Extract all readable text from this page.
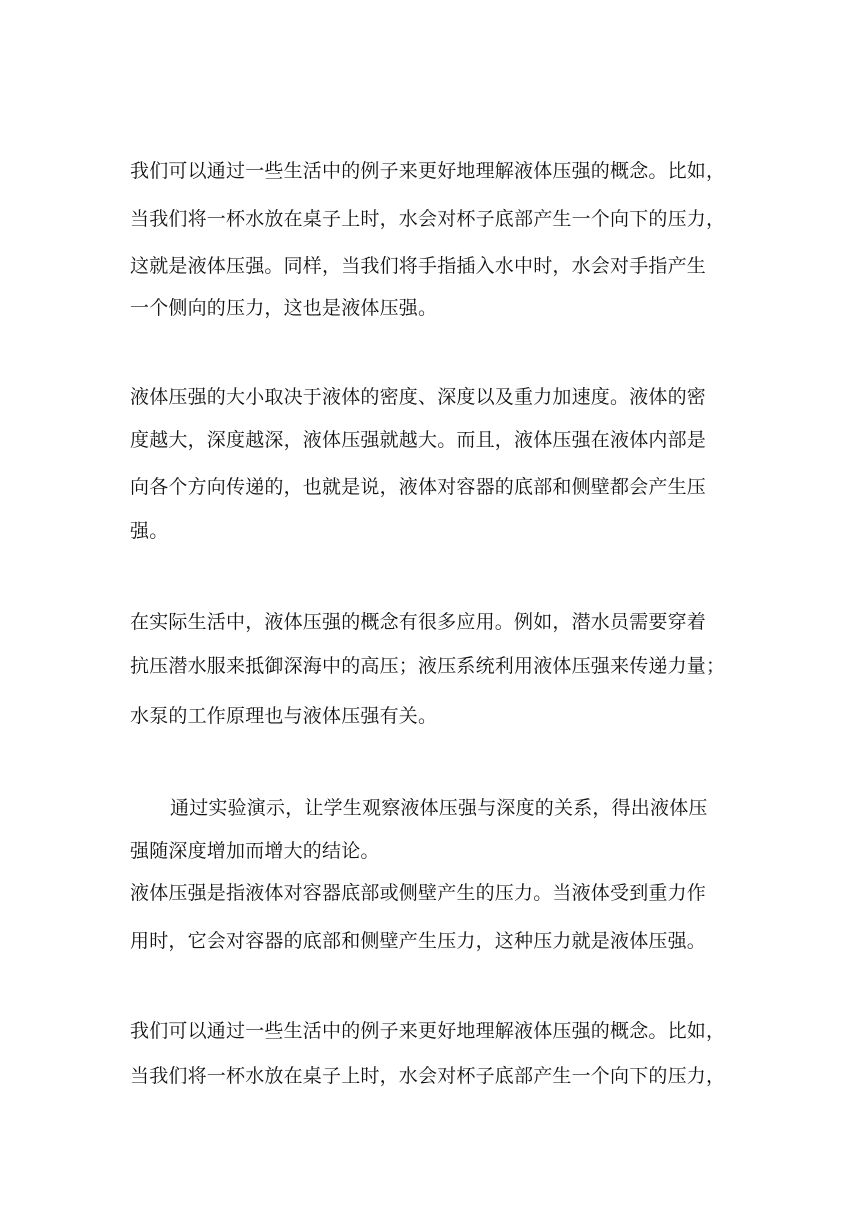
我们可以通过一些生活中的例子来更好地理解液体压强的概念。比如，
当我们将一杯水放在桌子上时，水会对杯子底部产生一个向下的压力，
这就是液体压强。同样，当我们将手指插入水中时，水会对手指产生
一个侧向的压力，这也是液体压强。
液体压强的大小取决于液体的密度、深度以及重力加速度。液体的密
度越大，深度越深，液体压强就越大。而且，液体压强在液体内部是
向各个方向传递的，也就是说，液体对容器的底部和侧壁都会产生压
强。
在实际生活中，液体压强的概念有很多应用。例如，潜水员需要穿着
抗压潜水服来抵御深海中的高压；液压系统利用液体压强来传递力量；
水泵的工作原理也与液体压强有关。
通过实验演示，让学生观察液体压强与深度的关系，得出液体压
强随深度增加而增大的结论。
液体压强是指液体对容器底部或侧壁产生的压力。当液体受到重力作
用时，它会对容器的底部和侧壁产生压力，这种压力就是液体压强。
我们可以通过一些生活中的例子来更好地理解液体压强的概念。比如，
当我们将一杯水放在桌子上时，水会对杯子底部产生一个向下的压力，
